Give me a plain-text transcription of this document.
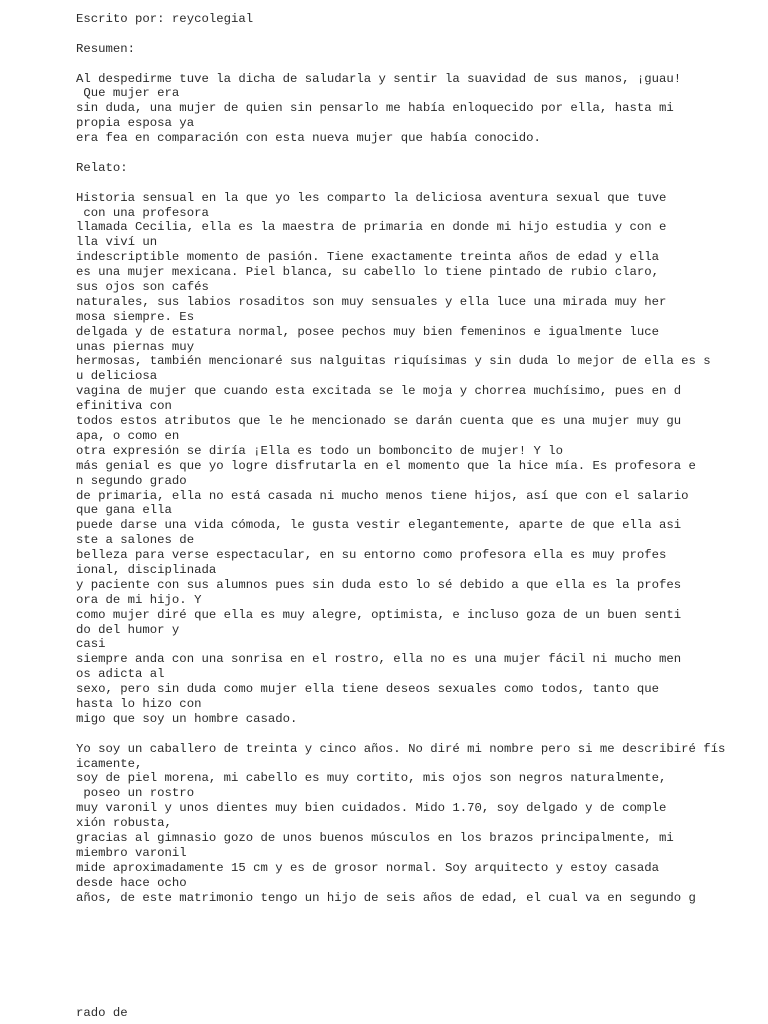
Escrito por: reycolegial
Resumen:
Al despedirme tuve la dicha de saludarla y sentir la suavidad de sus manos, ¡guau!
Que mujer era
sin duda, una mujer de quien sin pensarlo me había enloquecido por ella, hasta mi
propia esposa ya
era fea en comparación con esta nueva mujer que había conocido.
Relato:
Historia sensual en la que yo les comparto la deliciosa aventura sexual que tuve
con una profesora
llamada Cecilia, ella es la maestra de primaria en donde mi hijo estudia y con e
lla viví un
indescriptible momento de pasión. Tiene exactamente treinta años de edad y ella
es una mujer mexicana. Piel blanca, su cabello lo tiene pintado de rubio claro,
sus ojos son cafés
naturales, sus labios rosaditos son muy sensuales y ella luce una mirada muy her
mosa siempre. Es
delgada y de estatura normal, posee pechos muy bien femeninos e igualmente luce
unas piernas muy
hermosas, también mencionaré sus nalguitas riquísimas y sin duda lo mejor de ella es s
u deliciosa
vagina de mujer que cuando esta excitada se le moja y chorrea muchísimo, pues en d
efinitiva con
todos estos atributos que le he mencionado se darán cuenta que es una mujer muy gu
apa, o como en
otra expresión se diría ¡Ella es todo un bomboncito de mujer! Y lo
más genial es que yo logre disfrutarla en el momento que la hice mía. Es profesora e
n segundo grado
de primaria, ella no está casada ni mucho menos tiene hijos, así que con el salario
que gana ella
puede darse una vida cómoda, le gusta vestir elegantemente, aparte de que ella asi
ste a salones de
belleza para verse espectacular, en su entorno como profesora ella es muy profes
ional, disciplinada
y paciente con sus alumnos pues sin duda esto lo sé debido a que ella es la profes
ora de mi hijo. Y
como mujer diré que ella es muy alegre, optimista, e incluso goza de un buen senti
do del humor y
casi
siempre anda con una sonrisa en el rostro, ella no es una mujer fácil ni mucho men
os adicta al
sexo, pero sin duda como mujer ella tiene deseos sexuales como todos, tanto que
hasta lo hizo con
migo que soy un hombre casado.
Yo soy un caballero de treinta y cinco años. No diré mi nombre pero si me describiré fís
icamente,
soy de piel morena, mi cabello es muy cortito, mis ojos son negros naturalmente,
poseo un rostro
muy varonil y unos dientes muy bien cuidados. Mido 1.70, soy delgado y de comple
xión robusta,
gracias al gimnasio gozo de unos buenos músculos en los brazos principalmente, mi
miembro varonil
mide aproximadamente 15 cm y es de grosor normal. Soy arquitecto y estoy casada
desde hace ocho
años, de este matrimonio tengo un hijo de seis años de edad, el cual va en segundo g
rado de
